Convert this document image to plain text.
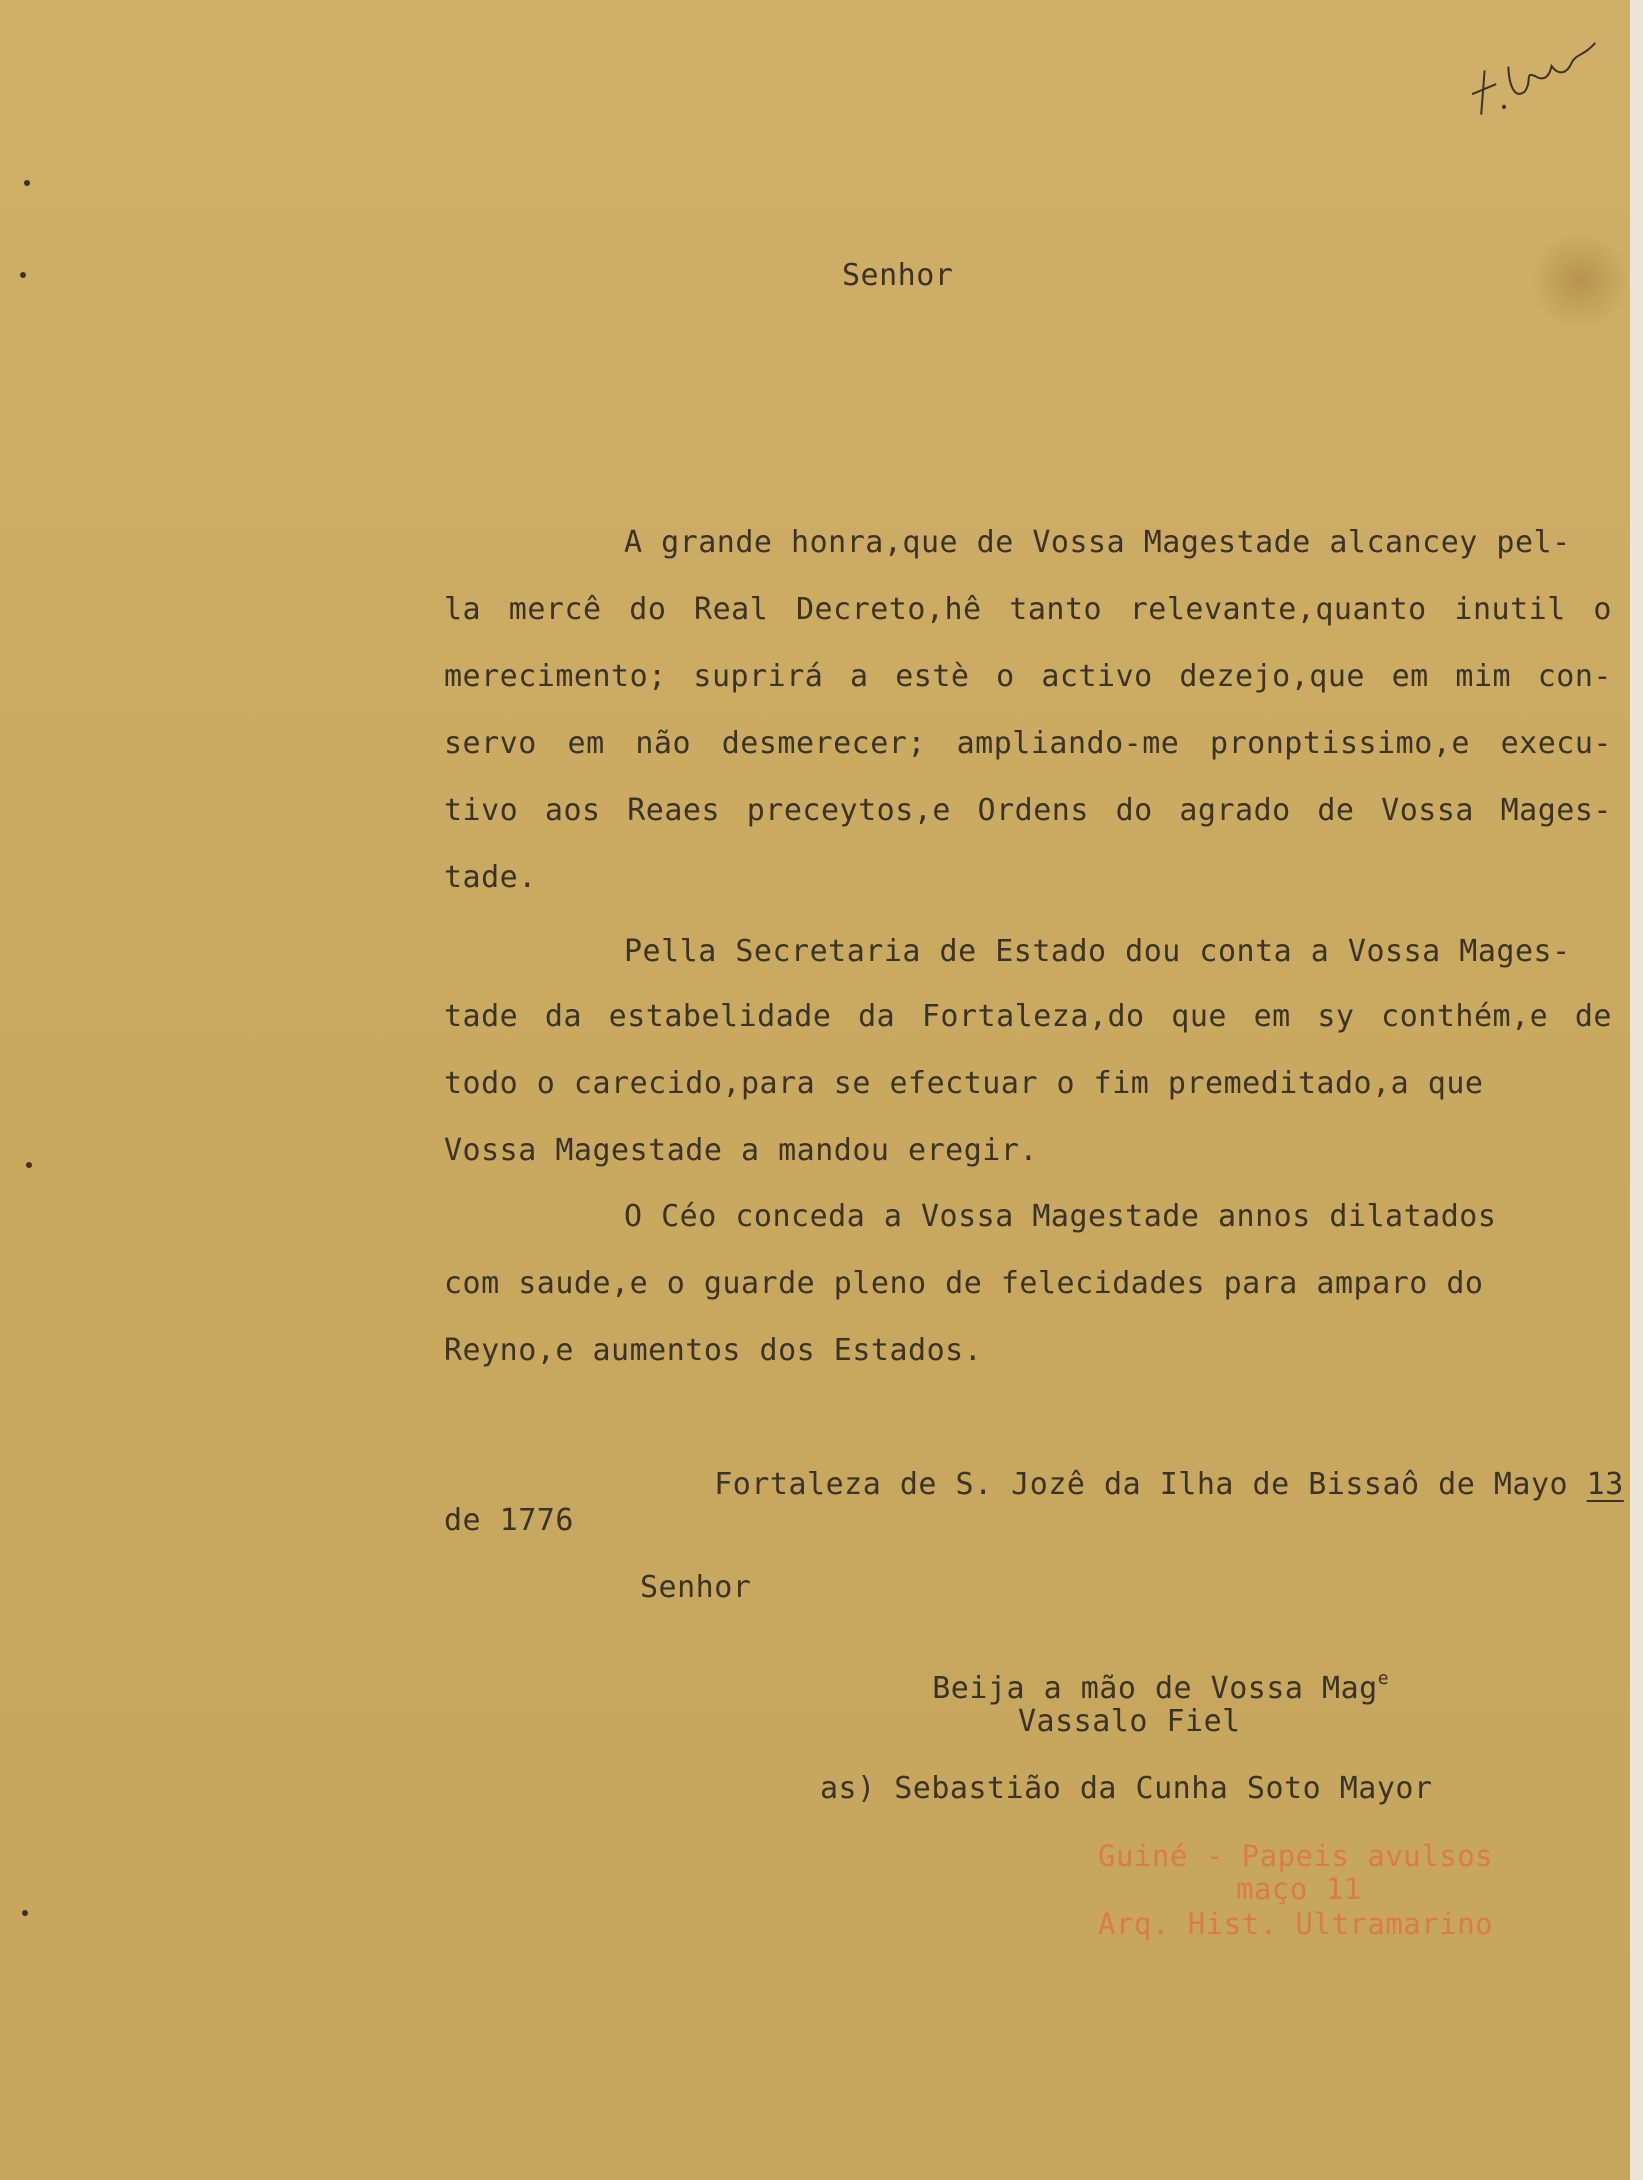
Senhor
A grande honra,que de Vossa Magestade alcancey pel-
la mercê do Real Decreto,hê tanto relevante,quanto inutil o
merecimento; suprirá a estè o activo dezejo,que em mim con-
servo em não desmerecer; ampliando-me pronptissimo,e execu-
tivo aos Reaes preceytos,e Ordens do agrado de Vossa Mages-
tade.
Pella Secretaria de Estado dou conta a Vossa Mages-
tade da estabelidade da Fortaleza,do que em sy conthém,e de
todo o carecido,para se efectuar o fim premeditado,a que
Vossa Magestade a mandou eregir.
O Céo conceda a Vossa Magestade annos dilatados
com saude,e o guarde pleno de felecidades para amparo do
Reyno,e aumentos dos Estados.

Fortaleza de S. Jozê da Ilha de Bissaô de Mayo 13

de 1776
Senhor

Beija a mão de Vossa Mag$^e$

Vassalo Fiel
as) Sebastião da Cunha Soto Mayor
Guiné - Papeis avulsos
maço 11
Arq. Hist. Ultramarino
